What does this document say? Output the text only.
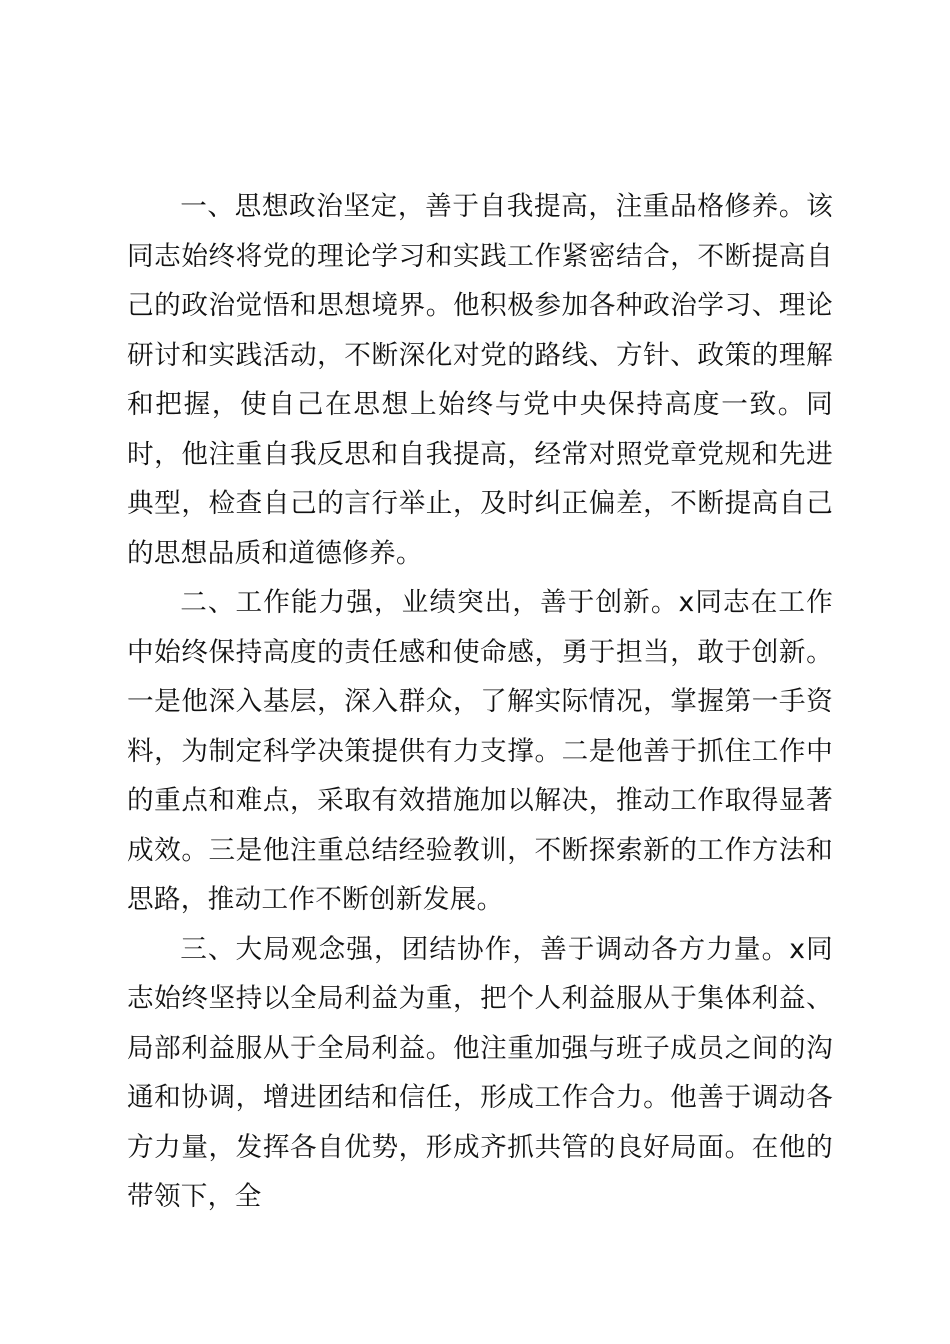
一、思想政治坚定，善于自我提高，注重品格修养。该同志始终将党的理论学习和实践工作紧密结合，不断提高自己的政治觉悟和思想境界。他积极参加各种政治学习、理论研讨和实践活动，不断深化对党的路线、方针、政策的理解和把握，使自己在思想上始终与党中央保持高度一致。同时，他注重自我反思和自我提高，经常对照党章党规和先进典型，检查自己的言行举止，及时纠正偏差，不断提高自己的思想品质和道德修养。

二、工作能力强，业绩突出，善于创新。x同志在工作中始终保持高度的责任感和使命感，勇于担当，敢于创新。一是他深入基层，深入群众，了解实际情况，掌握第一手资料，为制定科学决策提供有力支撑。二是他善于抓住工作中的重点和难点，采取有效措施加以解决，推动工作取得显著成效。三是他注重总结经验教训，不断探索新的工作方法和思路，推动工作不断创新发展。

三、大局观念强，团结协作，善于调动各方力量。x同志始终坚持以全局利益为重，把个人利益服从于集体利益、局部利益服从于全局利益。他注重加强与班子成员之间的沟通和协调，增进团结和信任，形成工作合力。他善于调动各方力量，发挥各自优势，形成齐抓共管的良好局面。在他的带领下，全
